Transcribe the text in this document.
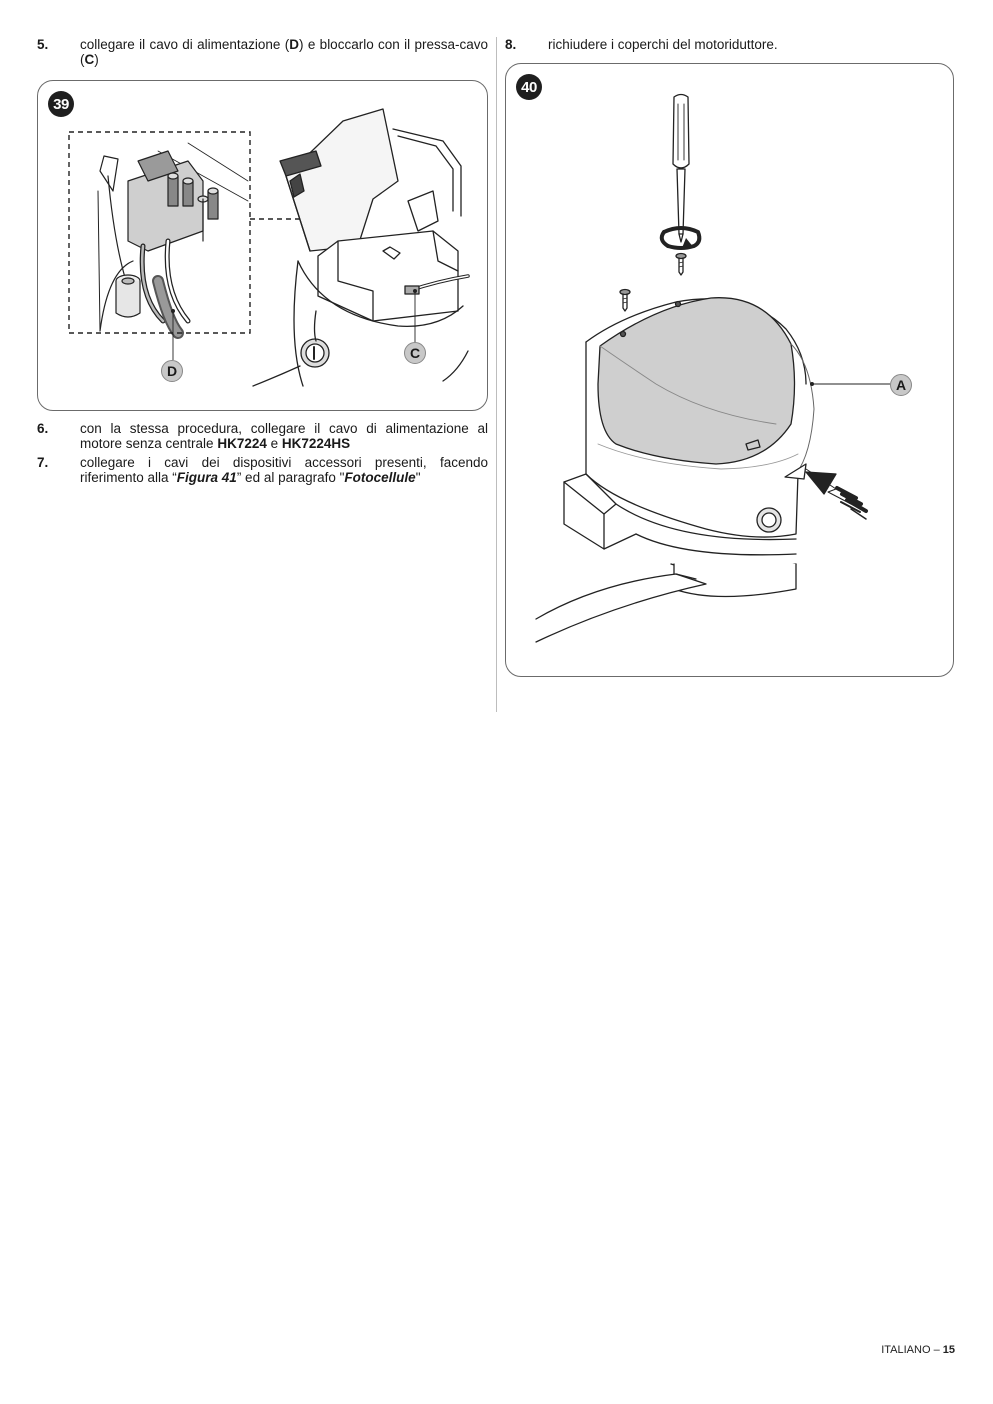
5.	collegare il cavo di alimentazione (D) e bloccarlo con il pressa-cavo (C)
39
D
C
6.	con la stessa procedura, collegare il cavo di alimentazione al motore senza centrale HK7224 e HK7224HS
7.	collegare i cavi dei dispositivi accessori presenti, facendo riferimento alla “Figura 41” ed al paragrafo "Fotocellule"
8.	richiudere i coperchi del motoriduttore.
40
A
ITALIANO – 15
